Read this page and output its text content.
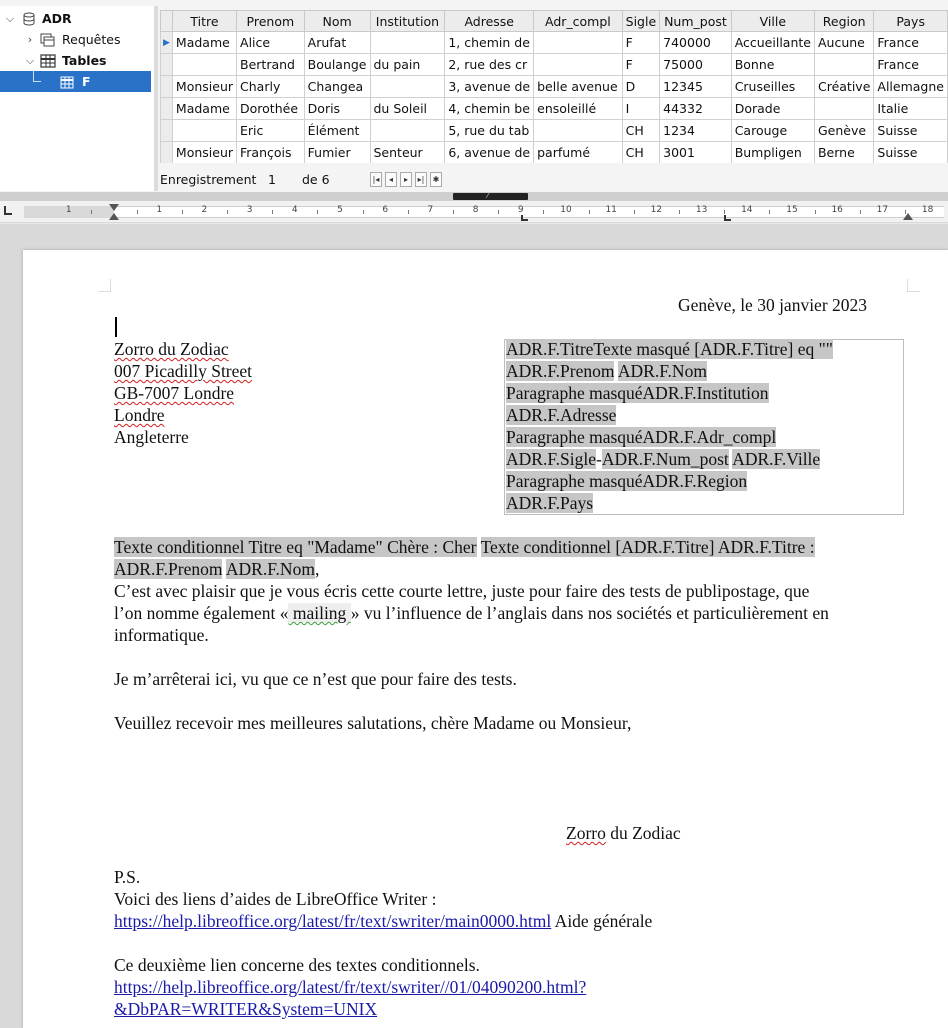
⌵ ADR
›	Requêtes
⌵ Tables
F
	Titre	Prenom	Nom	Institution	Adresse	Adr_compl	Sigle	Num_post	Ville	Region	Pays
▶	Madame	Alice	Arufat		1, chemin de		F	740000	Accueillante	Aucune	France
		Bertrand	Boulange	du pain	2, rue des cr		F	75000	Bonne		France
	Monsieur	Charly	Changea		3, avenue de	belle avenue	D	12345	Cruseilles	Créative	Allemagne
	Madame	Dorothée	Doris	du Soleil	4, chemin be	ensoleillé	I	44332	Dorade		Italie
		Eric	Élément		5, rue du tab		CH	1234	Carouge	Genève	Suisse
	Monsieur	François	Fumier	Senteur	6, avenue de	parfumé	CH	3001	Bumpligen	Berne	Suisse
Enregistrement 1 de 6	|◂	◂	▸	▸|	✱
⁄
1	1	2	3	4	5	6	7	8	9	10	11	12	13	14	15	16	17	18
Genève, le 30 janvier 2023
Zorro du Zodiac
007 Picadilly Street
GB-7007 Londre
Londre
Angleterre
ADR.F.TitreTexte masqué [ADR.F.Titre] eq ""
ADR.F.Prenom ADR.F.Nom
Paragraphe masquéADR.F.Institution
ADR.F.Adresse
Paragraphe masquéADR.F.Adr_compl
ADR.F.Sigle-ADR.F.Num_post ADR.F.Ville
Paragraphe masquéADR.F.Region
ADR.F.Pays
Texte conditionnel Titre eq "Madame" Chère : Cher Texte conditionnel [ADR.F.Titre] ADR.F.Titre :
ADR.F.Prenom ADR.F.Nom,
C’est avec plaisir que je vous écris cette courte lettre, juste pour faire des tests de publipostage, que
l’on nomme également « mailing » vu l’influence de l’anglais dans nos sociétés et particulièrement en
informatique.
Je m’arrêterai ici, vu que ce n’est que pour faire des tests.
Veuillez recevoir mes meilleures salutations, chère Madame ou Monsieur,
Zorro du Zodiac
P.S.
Voici des liens d’aides de LibreOffice Writer :
https://help.libreoffice.org/latest/fr/text/swriter/main0000.html Aide générale
Ce deuxième lien concerne des textes conditionnels.
https://help.libreoffice.org/latest/fr/text/swriter//01/04090200.html?
&DbPAR=WRITER&System=UNIX
